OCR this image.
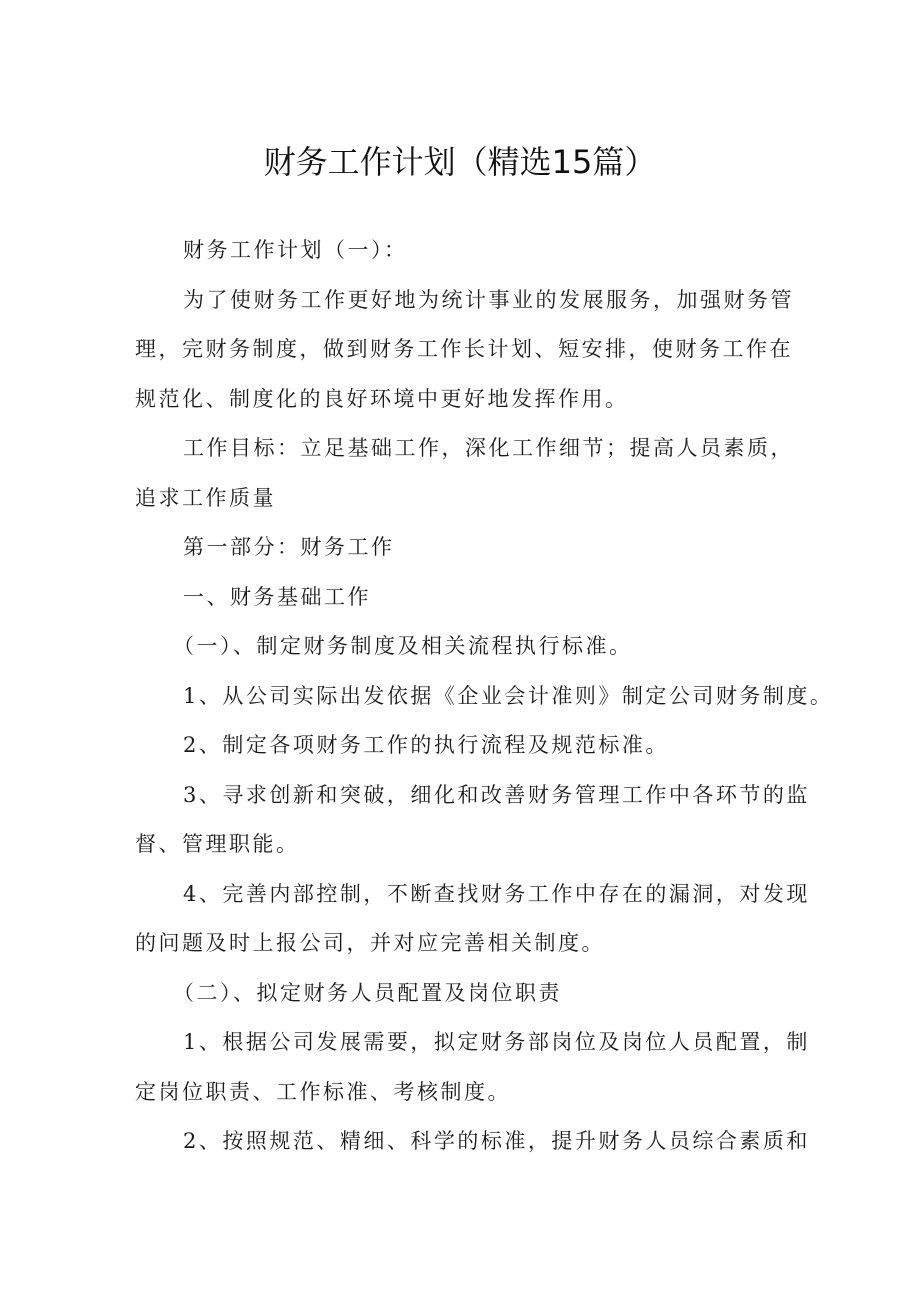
财务工作计划（精选15篇）

财务工作计划（一）：

为了使财务工作更好地为统计事业的发展服务，加强财务管

理，完财务制度，做到财务工作长计划、短安排，使财务工作在

规范化、制度化的良好环境中更好地发挥作用。

工作目标：立足基础工作，深化工作细节；提高人员素质，

追求工作质量

第一部分：财务工作

一、财务基础工作

（一）、制定财务制度及相关流程执行标准。

1、从公司实际出发依据《企业会计准则》制定公司财务制度。

2、制定各项财务工作的执行流程及规范标准。

3、寻求创新和突破，细化和改善财务管理工作中各环节的监

督、管理职能。

4、完善内部控制，不断查找财务工作中存在的漏洞，对发现

的问题及时上报公司，并对应完善相关制度。

（二）、拟定财务人员配置及岗位职责

1、根据公司发展需要，拟定财务部岗位及岗位人员配置，制

定岗位职责、工作标准、考核制度。

2、按照规范、精细、科学的标准，提升财务人员综合素质和
